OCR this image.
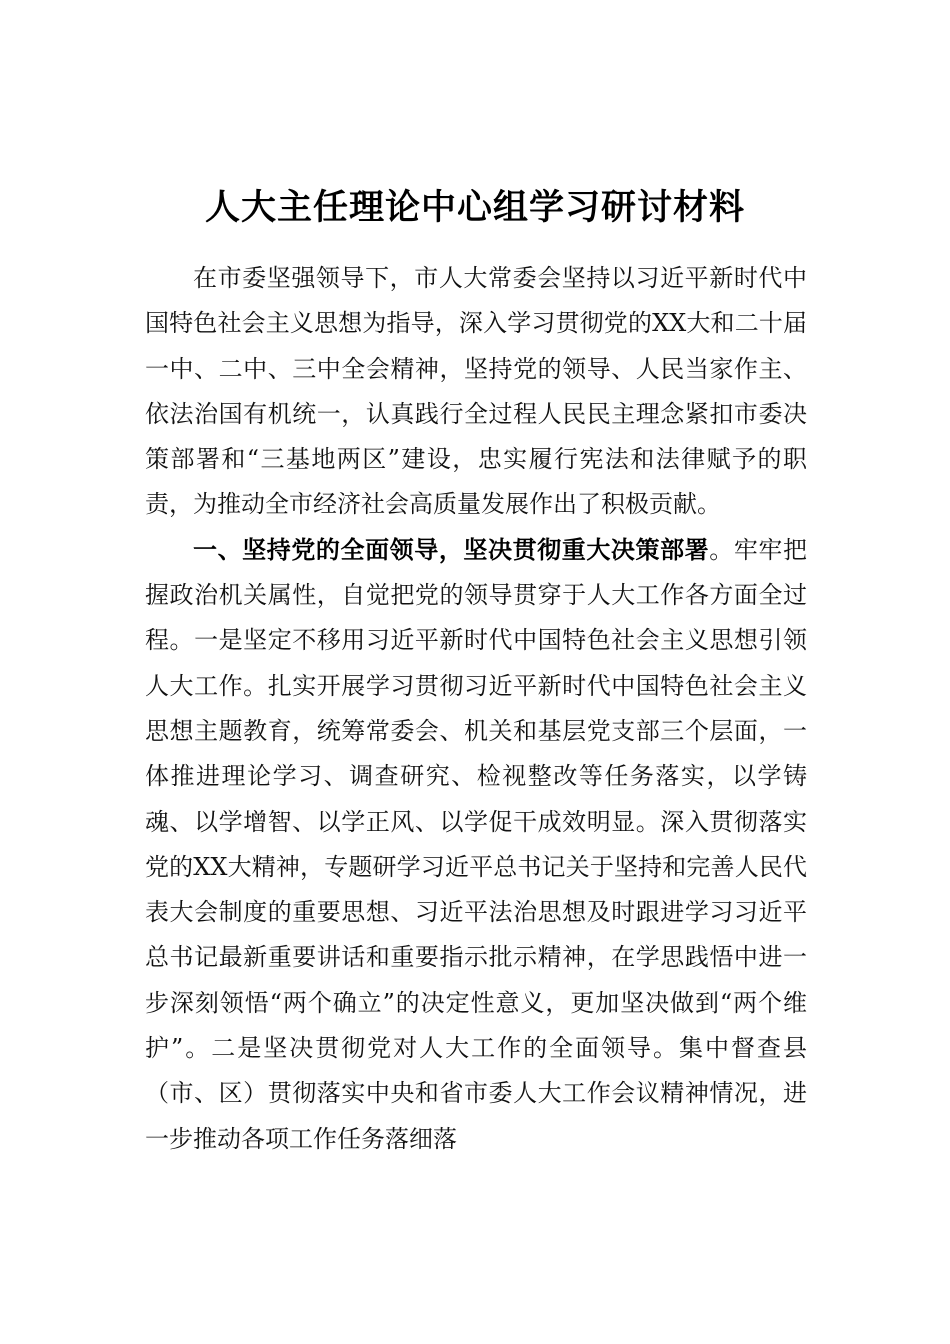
人大主任理论中心组学习研讨材料

在市委坚强领导下，市人大常委会坚持以习近平新时代中国特色社会主义思想为指导，深入学习贯彻党的XX大和二十届一中、二中、三中全会精神，坚持党的领导、人民当家作主、依法治国有机统一，认真践行全过程人民民主理念紧扣市委决策部署和“三基地两区”建设，忠实履行宪法和法律赋予的职责，为推动全市经济社会高质量发展作出了积极贡献。

一、坚持党的全面领导，坚决贯彻重大决策部署。牢牢把握政治机关属性，自觉把党的领导贯穿于人大工作各方面全过程。一是坚定不移用习近平新时代中国特色社会主义思想引领人大工作。扎实开展学习贯彻习近平新时代中国特色社会主义思想主题教育，统筹常委会、机关和基层党支部三个层面，一体推进理论学习、调查研究、检视整改等任务落实，以学铸魂、以学增智、以学正风、以学促干成效明显。深入贯彻落实党的XX大精神，专题研学习近平总书记关于坚持和完善人民代表大会制度的重要思想、习近平法治思想及时跟进学习习近平总书记最新重要讲话和重要指示批示精神，在学思践悟中进一步深刻领悟“两个确立”的决定性意义，更加坚决做到“两个维护”。二是坚决贯彻党对人大工作的全面领导。集中督查县（市、区）贯彻落实中央和省市委人大工作会议精神情况，进一步推动各项工作任务落细落
